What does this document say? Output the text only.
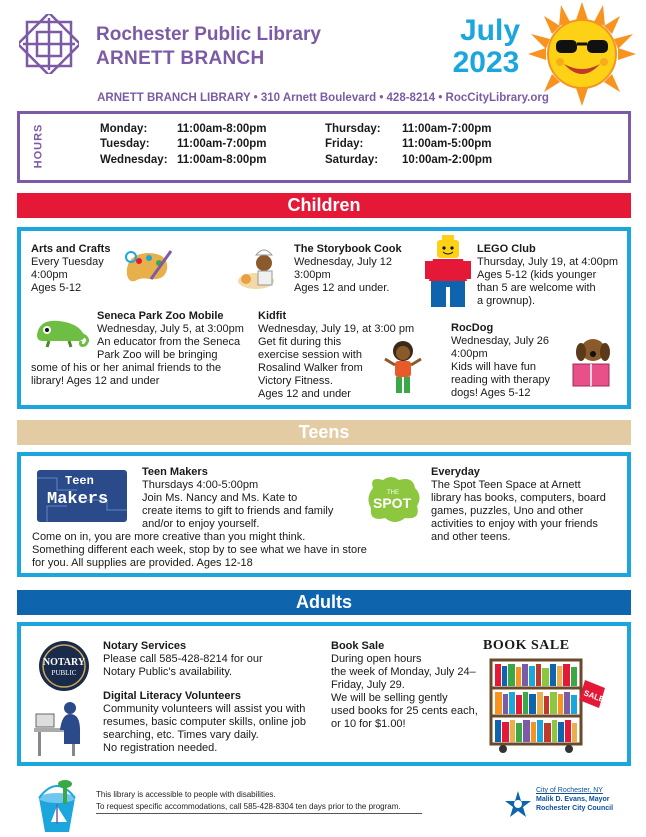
Rochester Public Library
ARNETT BRANCH
July
2023
ARNETT BRANCH LIBRARY • 310 Arnett Boulevard • 428-8214 • RocCityLibrary.org
HOURS	Monday:	11:00am-8:00pm
Tuesday: 11:00am-7:00pm
Wednesday: 11:00am-8:00pm
Thursday: 11:00am-7:00pm
Friday:	11:00am-5:00pm
Saturday: 10:00am-2:00pm
Children
Arts and Crafts
Every Tuesday
4:00pm
Ages 5-12
The Storybook Cook
Wednesday, July 12
3:00pm
Ages 12 and under.
LEGO Club
Thursday, July 19, at 4:00pm
Ages 5-12 (kids younger
than 5 are welcome with
a grownup).
Seneca Park Zoo Mobile
Wednesday, July 5, at 3:00pm
An educator from the Seneca
Park Zoo will be bringing
some of his or her animal friends to the
library! Ages 12 and under
Kidfit
Wednesday, July 19, at 3:00 pm
Get fit during this
exercise session with
Rosalind Walker from
Victory Fitness.
Ages 12 and under
RocDog
Wednesday, July 26
4:00pm
Kids will have fun
reading with therapy
dogs! Ages 5-12
Teens
Teen
Makers
Teen Makers
Thursdays 4:00-5:00pm
Join Ms. Nancy and Ms. Kate to
create items to gift to friends and family
and/or to enjoy yourself.
Come on in, you are more creative than you might think.
Something different each week, stop by to see what we have in store
for you. All supplies are provided. Ages 12-18
THE
SPOT
Everyday
The Spot Teen Space at Arnett
library has books, computers, board
games, puzzles, Uno and other
activities to enjoy with your friends
and other teens.
Adults
NOTARY
PUBLIC
Notary Services
Please call 585-428-8214 for our
Notary Public's availability.
Digital Literacy Volunteers
Community volunteers will assist you with
resumes, basic computer skills, online job
searching, etc. Times vary daily.
No registration needed.
Book Sale
During open hours
the week of Monday, July 24–
Friday, July 29.
We will be selling gently
used books for 25 cents each,
or 10 for $1.00!
BOOK SALE
SALE
This library is accessible to people with disabilities.
To request specific accommodations, call 585-428-8304 ten days prior to the program.
City of Rochester, NY
Malik D. Evans, Mayor
Rochester City Council
